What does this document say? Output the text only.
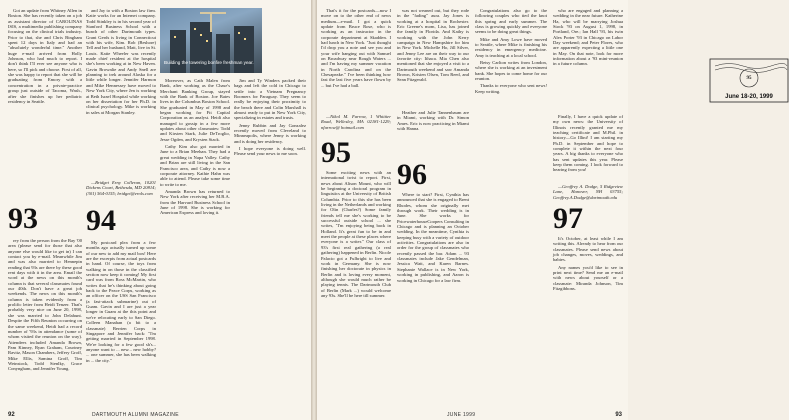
Got an update from Whitney Allen in Boston. She has recently taken on a job as assistant director of CAROLINAS ISIS, a multimedia publishing company focusing on the clinical trials industry. Prior to that, she and Chris Bingham spent 12 days in Italy and had an "absolutely wonderful time." Another huge e-mail arrived from Holly Johnson, who had much to report. I don't think I'll ever see anyone who is here, so I'll pick and choose. First of all, she was happy to report that she will be graduating from Emory with a concentration in a private-practice group just outside of Tacoma, Wash., after she finishes up her pediatric residency in Seattle.

93

rey from the person from the Bay '00 area (please send for those that also anyone else would like to get in) I can contact you by e-mail. Meanwhile Jim and was also married to Hennepin reading that 93s are there by these good rent days with it in the area. Email the word at the news on this month's column is that several classmates found our 40th. Don't have a great job weekends. The news on this month's column is taken evidently from a prolific letter from Heidi Tenzer. That's probably very nice on June 20, 1998, she was married to John Delahunt. Despite the Fifth Reunion occurring on the same weekend, Heidi had a record number of '93s in attendance (some of whom visited the reunion on the way). Attendees included Amanda Brown, Pam Kinney, Ryan Graham, Courtney Ravitz, Mason Chambers, Jeffery Groff, Mike Ellis, Samina Groff, Tim Weinstock, Todd Stenlky, Grace Conyngham, and Jennifer Young.

and Jay to with a Boston law firm. Katie works for an Internet company. Todd Stinkley is in his second year of Stanford Business School with a bunch of other Dartmouth types. Grant Gerds is living in Connecticut with his wife, Kim. Rob (Beshore) Tell and her husband, Matt, live in St. Louis. Katie Wheeler was recently made chief resident at the hospital she's been working at in New Haven. Gavin Brownlie and Andy Snell are planning to trek around Alaska for a little while longer. Jennifer Harmon and Mike Hennessey have moved to New York City, where Jen is working at Beth Israel Hospital while working on her dissertation for her Ph.D. in clinical psychology. Mike is working in sales at Morgan Stanley.

—Bridget Erny Colleran, 10201 Dickens Court, Bethesda, MD 20814; (301) 564-0155; bridget@erols.com

94

My postcard plea from a few months ago actually turned up some of our new to add my mail box! Here are the excerpts from actual postcards in hand. Of course, the toys from walking in on those in the classified section now keep it coming! My first card was from Ross McMartin, who writes that he's thinking about going back to the Peace Corps, working as an officer on the USS San Francisco (a fast-attack submarine) out of Guam. Gavin and I are just a year longer in Guam at the this point and we're relocating early to San Diego. Colleen Manahan (a bit to a classmate) Berrien Corps in Singapore and Jennifer back: "I'm getting married in September 1998. We're looking for a few good sh's... anyone want to ... new... new hobby? ... one summer, she has been walking in ... the city."

Building the towering bonfire freshman year.

Moreover, as Cath Malen from Bank, after working as the Chase's Merchant Banking Group, stayed with the Bank of Boston. Joe Bates lives in the Columbus Boston School. She graduated in May of 1998 and began working for Fit Capital Corporation as an analyst. Heidi also managed to gossip in a few more updates about other classmates: Todd and Kirsten Stark, Julie DeTroglio, Jesse Ogden, and Krysten Stack.

Cathy Kim also got married in June to a Brian Meehan. They had a great wedding in Napa Valley. Cathy and Brian are still living in the San Francisco area, and Cathy is now a corporate attorney. Kathie Hahn was able to attend. Please take some time to write to me.

Amanda Brown has returned to New York after receiving her M.B.A. from the Harvard Business School in June of 1998. She is working for American Express and loving it.

Jim and Ty Winders packed their bags and left the cold in Chicago to settle into a Vietnam Pregnancy Boomers for Paraguay. They seem to really be enjoying their proximity to the beach there and Colin Marshall is almost ready to put in New York City, specializing in estates and trusts.

Jenny Rubbin and Jay Gonzalez recently moved from Cleveland to Minneapolis, where Jenny is working and is doing her residency.

I hope everyone is doing well. Please send your news to me soon.

DARTMOUTH ALUMNI MAGAZINE
92

That's it for the postcards—now I move on to the other end of news medium—e-mail. I got a quick update from Bruce Rose, who is working as an instructor in the corporate department at Skadden. I had lunch in New York. "Just thought I'd drop you a note and see you and your wife hanging out with Samuel on Broadway near Rough Waters ... and I'm having my summer vacation in North Carolina and on the Chesapeake." I've been thinking how fast the last five years have flown by ... but I've had a ball.

95
June 18-20, 1999

—Nikol M. Farrow, 1 Whittier Road, Wellesley, MA 02181-1229; nfarrow@ hotmail.com

95

Some exciting news with an international twist to report. First, news about Alison Mount, who will be beginning a doctoral program in linguistics at the University of British Columbia. Prior to this she has been living in the Netherlands and working for Olin (Charles?) Some family friends tell me she's working to be successful outside school ... she writes, "I'm enjoying being back in Holland. It's great fun to be in and meet the people at these places where everyone is a writer." Our class of 93's first real gathering (a real gathering) happened in Berlin. Nicole Palacio got a Fulbright to live and work in Germany. She is now finishing her doctorate in physics in Berlin and is loving every moment, although she would much rather be playing tennis. The Dartmouth Club of Berlin (Mark ...) would welcome any 93s. She'll be here till summer.

was not weaned out, but they rode in the "fading" aura. Jay Jones is working at a hospital in Rochester. Eric Greene's mom, Lisa, has joined the family in Florida. And Kathy is working with the John Kerry campaign in New Hampshire for him in New York. Michelle Ho, Jill Silver, and Jenny Lee are on their way to our favorite city: Ithaca. Mia Chen also mentioned that she enjoyed a visit to a Dartmouth weekend and saw Amanda Brown, Kristen Olsen, Tom Reed, and Sean Fitzgerald.

Heather and Julie Tannenbaum are in Miami, working with Dr. Simon Ames. Eric is now practicing in Miami with Hanna.

96

Where to start? First, Cynthia has announced that she is engaged to Brent Rhodes, whom she originally met through work. Their wedding is in June. She works for PricewaterhouseCoopers Consulting in Chicago and is planning an October wedding. In the meantime, Cynthia is keeping busy with a variety of outdoor activities. Congratulations are also in order for the group of classmates who recently passed the bar. Adam ... 93 classmates include Jake Gendelman, Jessica Watt, and Karen Barnes. Stephanie Wallace is in New York, working in publishing, and Aaron is working in Chicago for a law firm.

Congratulations also go to the following couples who tied the knot this spring and early summer. The class is growing quickly and everyone seems to be doing great things.

Mike and Amy Lowe have moved to Seattle, where Mike is finishing his residency in emergency medicine. Amy is teaching at a local school.

Betsy Carlton writes from London, where she is working at an investment bank. She hopes to come home for our reunion.

Thanks to everyone who sent news! Keep writing.

who are engaged and planning a wedding in the near future. Katherine Ha, who will be marrying Joshua Stock '93 on August 1, 1998, in Portland, Ore.; Ian Hall '93, his twin Alex Porter '93 in Chicago on Labor Day weekend; and Peter Flores, who are apparently expecting a little one in May. On that note, look for more information about a '93 mini-reunion in a future column.

Finally, I have a quick update of my own news: the University of Illinois recently granted me my teaching certificate and M.Phil. in history—Go Illini! I am starting my Ph.D. in September and hope to complete it within the next four years. A big thanks to everyone who has sent updates this year. Please keep them coming. I look forward to hearing from you!

—Geoffrey A. Dodge, 5 Ridgeview Lane, Hanover, NH 03755; Geoffrey.A.Dodge@dartmouth.edu

97

It's October, at least while I am writing this. Already to hear from our classmates. Please send news about job changes, moves, weddings, and babies.

Any names you'd like to see in print next time? Send me an e-mail with news about yourself or a classmate: Miranda Johnson, Tim Fitzgibbons.

JUNE 1999	93
